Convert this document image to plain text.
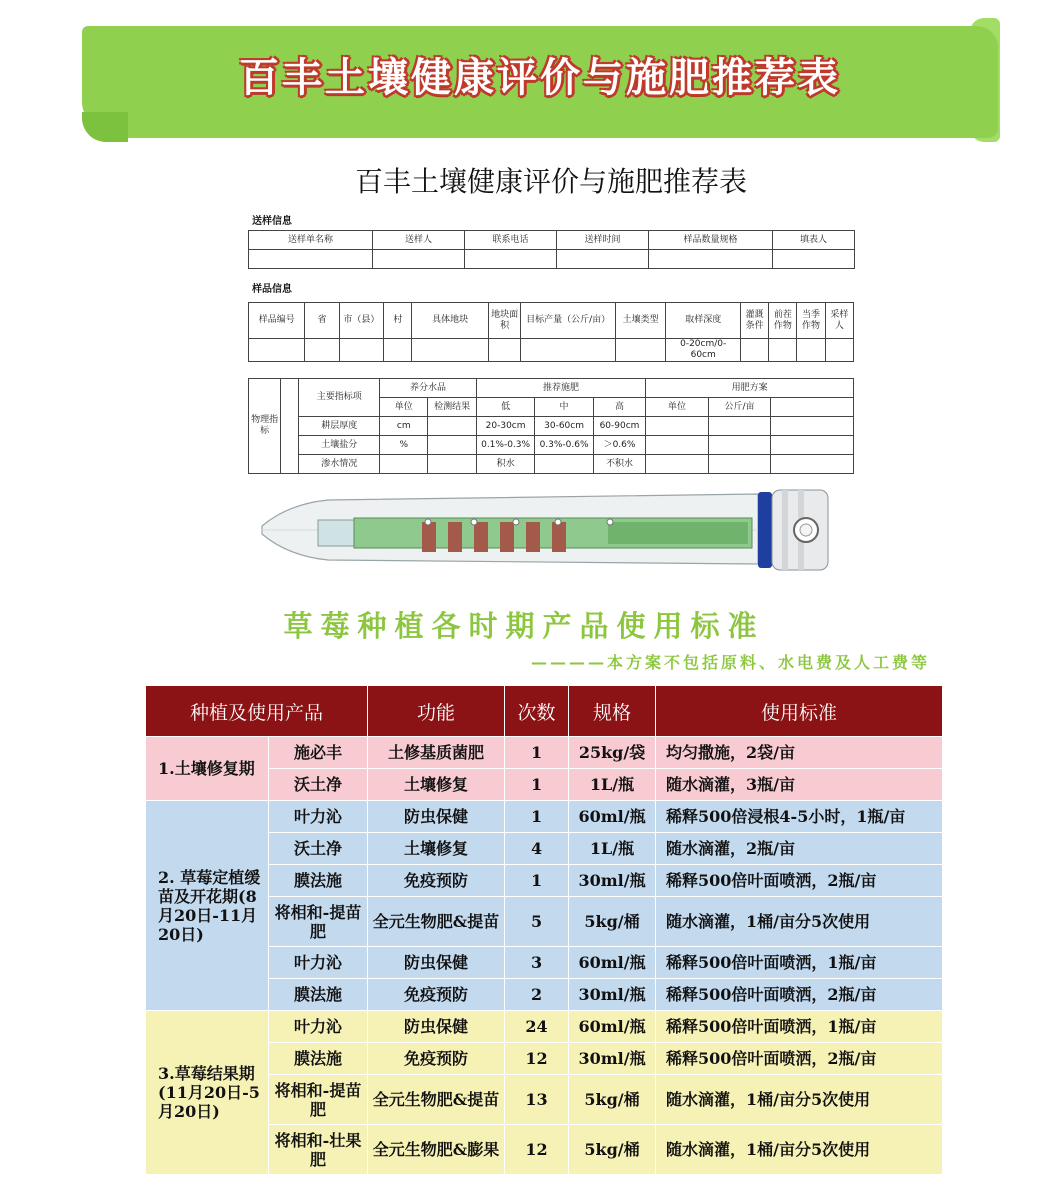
百丰土壤健康评价与施肥推荐表
百丰土壤健康评价与施肥推荐表
送样信息
送样单名称	送样人	联系电话	送样时间	样品数量规格	填表人

样品信息
样品编号	省	市（县）	村	具体地块	地块面积	目标产量（公斤/亩）	土壤类型	取样深度	灌溉条件	前茬作物	当季作物	采样人
								0-20cm/0-60cm				
物理指标		主要指标项	养分水品		推荐施肥			用肥方案		
			单位	检测结果	低	中	高	单位	公斤/亩	
		耕层厚度	cm		20-30cm	30-60cm	60-90cm			
		土壤盐分	%		0.1%-0.3%	0.3%-0.6%	＞0.6%			
		渗水情况			积水		不积水			
草莓种植各时期产品使用标准
————本方案不包括原料、水电费及人工费等
种植及使用产品		功能	次数	规格	使用标准
1.土壤修复期	施必丰	土修基质菌肥	1	25kg/袋	均匀撒施，2袋/亩
	沃土净	土壤修复	1	1L/瓶	随水滴灌，3瓶/亩
2. 草莓定植缓苗及开花期(8月20日-11月20日)	叶力沁	防虫保健	1	60ml/瓶	稀释500倍浸根4-5小时，1瓶/亩
	沃土净	土壤修复	4	1L/瓶	随水滴灌，2瓶/亩
	膜法施	免疫预防	1	30ml/瓶	稀释500倍叶面喷洒，2瓶/亩
	将相和-提苗肥	全元生物肥&提苗	5	5kg/桶	随水滴灌，1桶/亩分5次使用
	叶力沁	防虫保健	3	60ml/瓶	稀释500倍叶面喷洒，1瓶/亩
	膜法施	免疫预防	2	30ml/瓶	稀释500倍叶面喷洒，2瓶/亩
3.草莓结果期(11月20日-5月20日)	叶力沁	防虫保健	24	60ml/瓶	稀释500倍叶面喷洒，1瓶/亩
	膜法施	免疫预防	12	30ml/瓶	稀释500倍叶面喷洒，2瓶/亩
	将相和-提苗肥	全元生物肥&提苗	13	5kg/桶	随水滴灌，1桶/亩分5次使用
	将相和-壮果肥	全元生物肥&膨果	12	5kg/桶	随水滴灌，1桶/亩分5次使用
